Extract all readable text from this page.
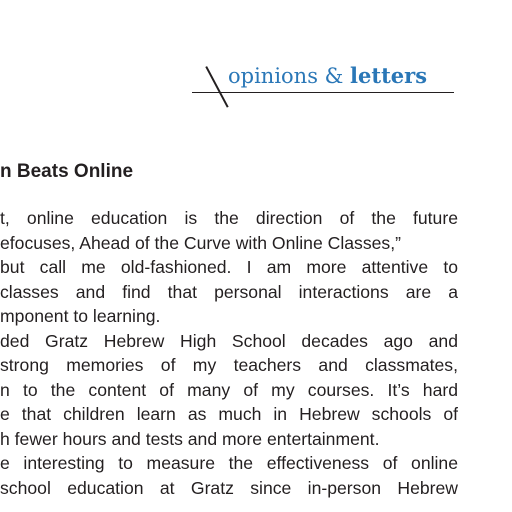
opinions & letters
n Beats Online
t, online education is the direction of the future
efocuses, Ahead of the Curve with Online Classes,”
but call me old-fashioned. I am more attentive to
classes and find that personal interactions are a
mponent to learning.
ded Gratz Hebrew High School decades ago and
strong memories of my teachers and classmates,
n to the content of many of my courses. It’s hard
e that children learn as much in Hebrew schools of
h fewer hours and tests and more entertainment.
e interesting to measure the effectiveness of online
school education at Gratz since in-person Hebrew
